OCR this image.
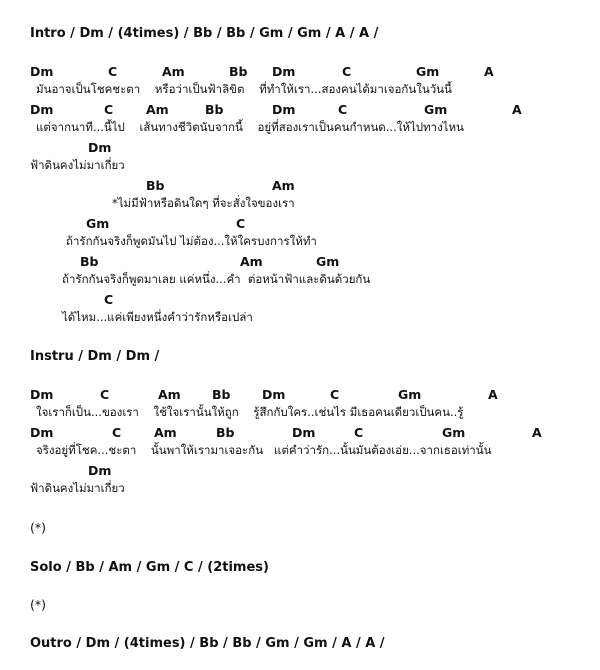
Intro / Dm / (4times) / Bb / Bb / Gm / Gm / A / A /
Dm	C	Am	Bb Dm	C	Gm	A
มันอาจเป็นโชคชะตา    หรือว่าเป็นฟ้าลิขิต    ที่ทำให้เรา...สองคนได้มาเจอกันในวันนี้
Dm	C	Am	Bb	Dm	C	Gm	A
แต่จากนาที...นี้ไป    เส้นทางชีวิตนับจากนี้    อยู่ที่สองเราเป็นคนกำหนด...ให้ไปทางไหน
Dm
ฟ้าดินคงไม่มาเกี่ยว
Bb	Am
*ไม่มีฟ้าหรือดินใดๆ ที่จะสั่งใจของเรา
Gm	C
ถ้ารักกันจริงก็พูดมันไป ไม่ต้อง...ให้ใครบงการให้ทำ
Bb	Am	Gm
ถ้ารักกันจริงก็พูดมาเลย แค่หนึ่ง...คำ  ต่อหน้าฟ้าและดินด้วยกัน
C
ได้ไหม...แค่เพียงหนึ่งคำว่ารักหรือเปล่า
Instru / Dm / Dm /
Dm	C	Am	Bb	Dm	C	Gm	A
ใจเราก็เป็น...ของเรา    ใช้ใจเรานั้นให้ถูก    รู้สึกกับใคร..เช่นไร มีเธอคนเดียวเป็นคน..รู้
Dm	C	Am	Bb	Dm	C	Gm	A
จริงอยู่ที่โชค...ชะตา    นั้นพาให้เรามาเจอะกัน   แต่คำว่ารัก...นั้นมันต้องเอ่ย...จากเธอเท่านั้น
Dm
ฟ้าดินคงไม่มาเกี่ยว
(*)
Solo / Bb / Am / Gm / C / (2times)
(*)
Outro / Dm / (4times) / Bb / Bb / Gm / Gm / A / A /
